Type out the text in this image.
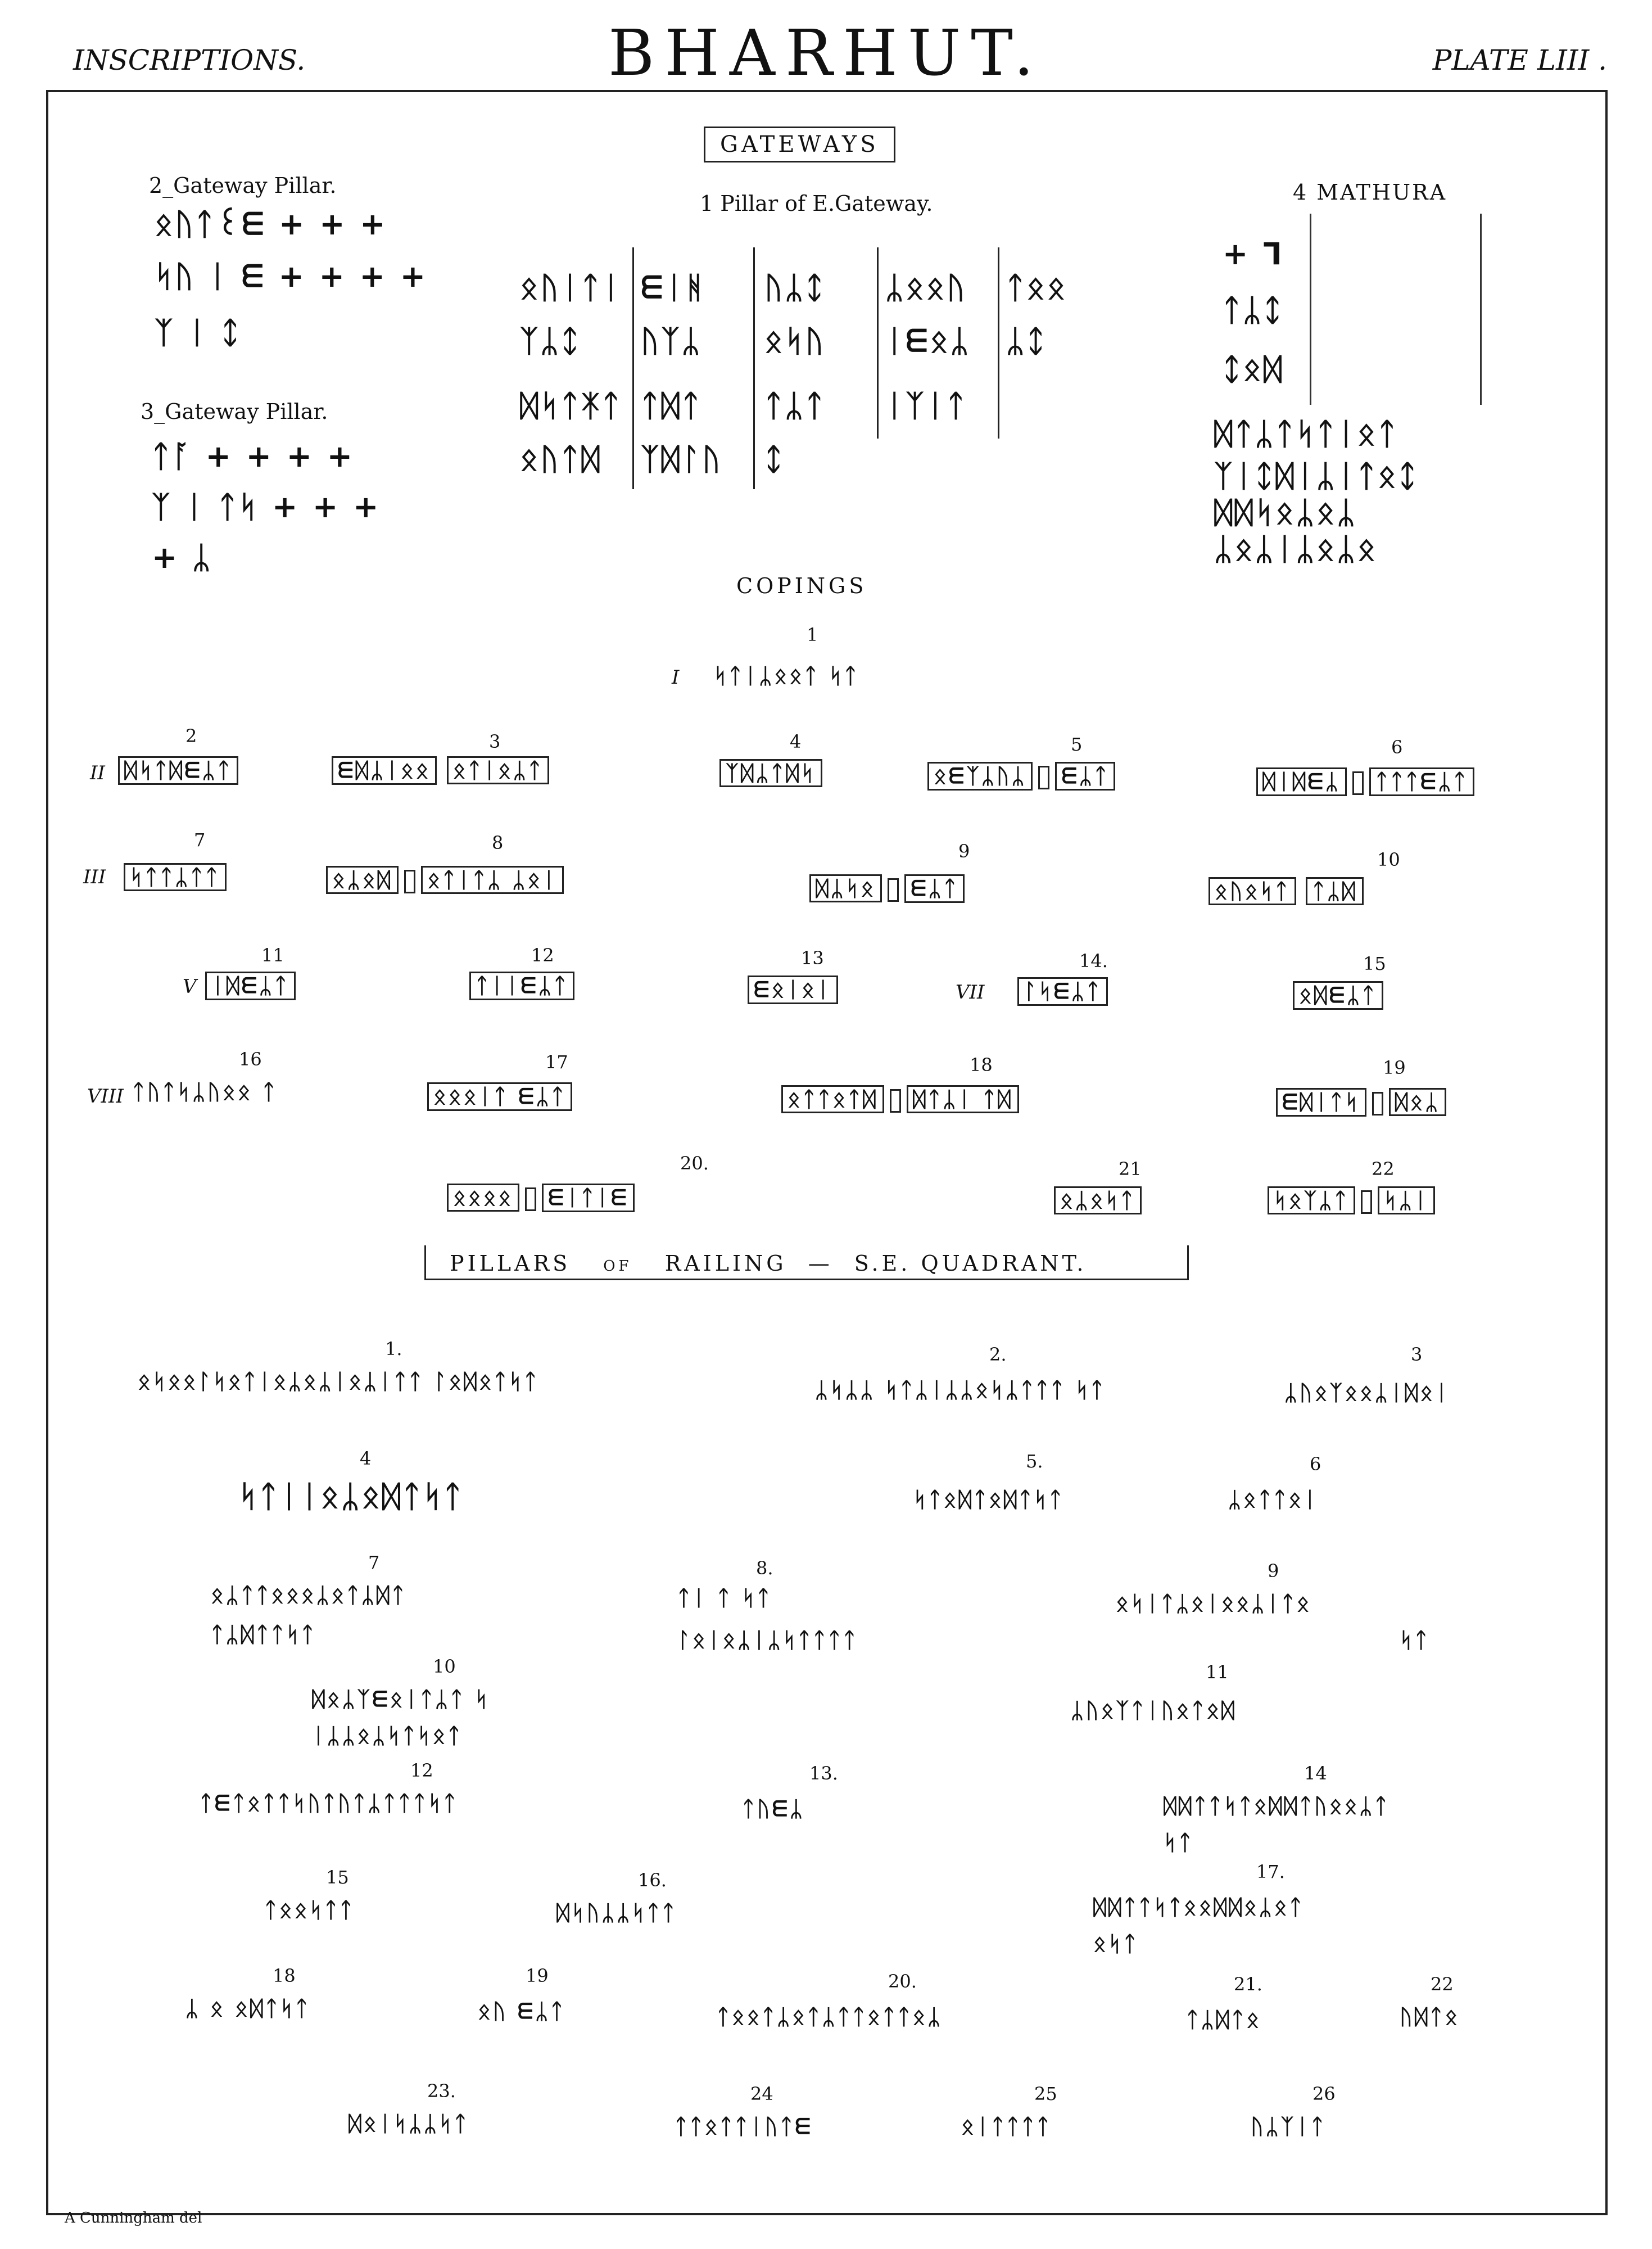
INSCRIPTIONS.	BHARHUT.	PLATE LIII .
GATEWAYS
2_Gateway Pillar.
ᛟᚢᛏ꒰ᗴ + + +
ᛋᚢ ᛁ ᗴ + + + +
ᛉ ᛁ ᛨ
3_Gateway Pillar.
ᛏᚪ + + + +
ᛉ ᛁ ᛏᛋ + + +
+ ᛦ
1 Pillar of E.Gateway.
ᛟᚢᛁᛏᛁ
ᛉᛦᛨ
ᛞᛋᛏᛡᛏ
ᛟᚢᛏᛞ
ᗴᛁᚻ
ᚢᛉᛦ
ᛏᛞᛏ
ᛉᛞᛚᚢ
ᚢᛦᛨ
ᛟᛋᚢ
ᛏᛦᛏ
ᛨ
ᛦᛟᛟᚢ
ᛁᗴᛟᛦ
ᛁᛉᛁᛏ
ᛏᛟᛟ
ᛦᛨ
4 MATHURA
+ ᒣ
ᛏᛦᛨ
ᛨᛟᛞ
ᛞᛏᛦᛏᛋᛏᛁᛟᛏ
ᛉᛁᛨᛞᛁᛦᛁᛏᛟᛨ
ᛞᛞᛋᛟᛦᛟᛦ
ᛦᛟᛦᛁᛦᛟᛦᛟ
COPINGS
1
I ᛋᛏᛁᛦᛟᛟᛏ ᛋᛏ
2
II ᛞᛋᛏᛞᗴᛦᛏ
3
ᗴᛞᛦᛁᛟᛟ ᛟᛏᛁᛟᛦᛏ
4
ᛉᛞᛦᛏᛞᛋ
5
ᛟᗴᛉᛦᚢᛦ ᗴᛦᛏ
6
ᛞᛁᛞᗴᛦ ᛏᛏᛏᗴᛦᛏ
7
III ᛋᛏᛏᛦᛏᛏ
8
ᛟᛦᛟᛞ ᛟᛏᛁᛏᛦ ᛦᛟᛁ
9
ᛞᛦᛋᛟ ᗴᛦᛏ
10
ᛟᚢᛟᛋᛏ ᛏᛦᛞ
11
V ᛁᛞᗴᛦᛏ
12
ᛏᛁᛁᗴᛦᛏ
13
ᗴᛟᛁᛟᛁ
14.
VII ᛚᛋᗴᛦᛏ
15
ᛟᛞᗴᛦᛏ
16
VIII ᛏᚢᛏᛋᛦᚢᛟᛟ ᛏ
17
ᛟᛟᛟᛁᛏ ᗴᛦᛏ
18
ᛟᛏᛏᛟᛏᛞ ᛞᛏᛦᛁ ᛏᛞ
19
ᗴᛞᛁᛏᛋ ᛞᛟᛦ
20.
ᛟᛟᛟᛟ ᗴᛁᛏᛁᗴ
21
ᛟᛦᛟᛋᛏ
22
ᛋᛟᛉᛦᛏ ᛋᛦᛁ
PILLARS OF RAILING — S.E. QUADRANT.
1.
ᛟᛋᛟᛟᛚᛋᛟᛏᛁᛟᛦᛟᛦᛁᛟᛦᛁᛏᛏ ᛚᛟᛞᛟᛏᛋᛏ
2.
ᛦᛋᛦᛦ ᛋᛏᛦᛁᛦᛦᛟᛋᛦᛏᛏᛏ ᛋᛏ
3
ᛦᚢᛟᛉᛟᛟᛦᛁᛞᛟᛁ
4
ᛋᛏᛁᛁᛟᛦᛟᛞᛏᛋᛏ
5.
ᛋᛏᛟᛞᛏᛟᛞᛏᛋᛏ
6
ᛦᛟᛏᛏᛟᛁ
7
ᛟᛦᛏᛏᛟᛟᛟᛦᛟᛏᛦᛞᛏ
ᛏᛦᛞᛏᛏᛋᛏ
8.
ᛏᛁ ᛏ ᛋᛏ
ᛚᛟᛁᛟᛦᛁᛦᛋᛏᛏᛏᛏ
9
ᛟᛋᛁᛏᛦᛟᛁᛟᛟᛦᛁᛏᛟ
ᛋᛏ
10
ᛞᛟᛦᛉᗴᛟᛁᛏᛦᛏ ᛋ
ᛁᛦᛦᛟᛦᛋᛏᛋᛟᛏ
11
ᛦᚢᛟᛉᛏᛁᚢᛟᛏᛟᛞ
12
ᛏᗴᛏᛟᛏᛏᛋᚢᛏᚢᛏᛦᛏᛏᛏᛋᛏ
13.
ᛏᚢᗴᛦ
14
ᛞᛞᛏᛏᛋᛏᛟᛞᛞᛏᚢᛟᛟᛦᛏ
ᛋᛏ
15
ᛏᛟᛟᛋᛏᛏ
16.
ᛞᛋᚢᛦᛦᛋᛏᛏ
17.
ᛞᛞᛏᛏᛋᛏᛟᛟᛞᛞᛟᛦᛟᛏ
ᛟᛋᛏ
18
ᛦ ᛟ ᛟᛞᛏᛋᛏ
19
ᛟᚢ ᗴᛦᛏ
20.
ᛏᛟᛟᛏᛦᛟᛏᛦᛏᛏᛟᛏᛏᛟᛦ
21.
ᛏᛦᛞᛏᛟ
22
ᚢᛞᛏᛟ
23.
ᛞᛟᛁᛋᛦᛦᛋᛏ
24
ᛏᛏᛟᛏᛏᛁᚢᛏᗴ
25
ᛟᛁᛏᛏᛏᛏ
26
ᚢᛦᛉᛁᛏ
A Cunningham del
